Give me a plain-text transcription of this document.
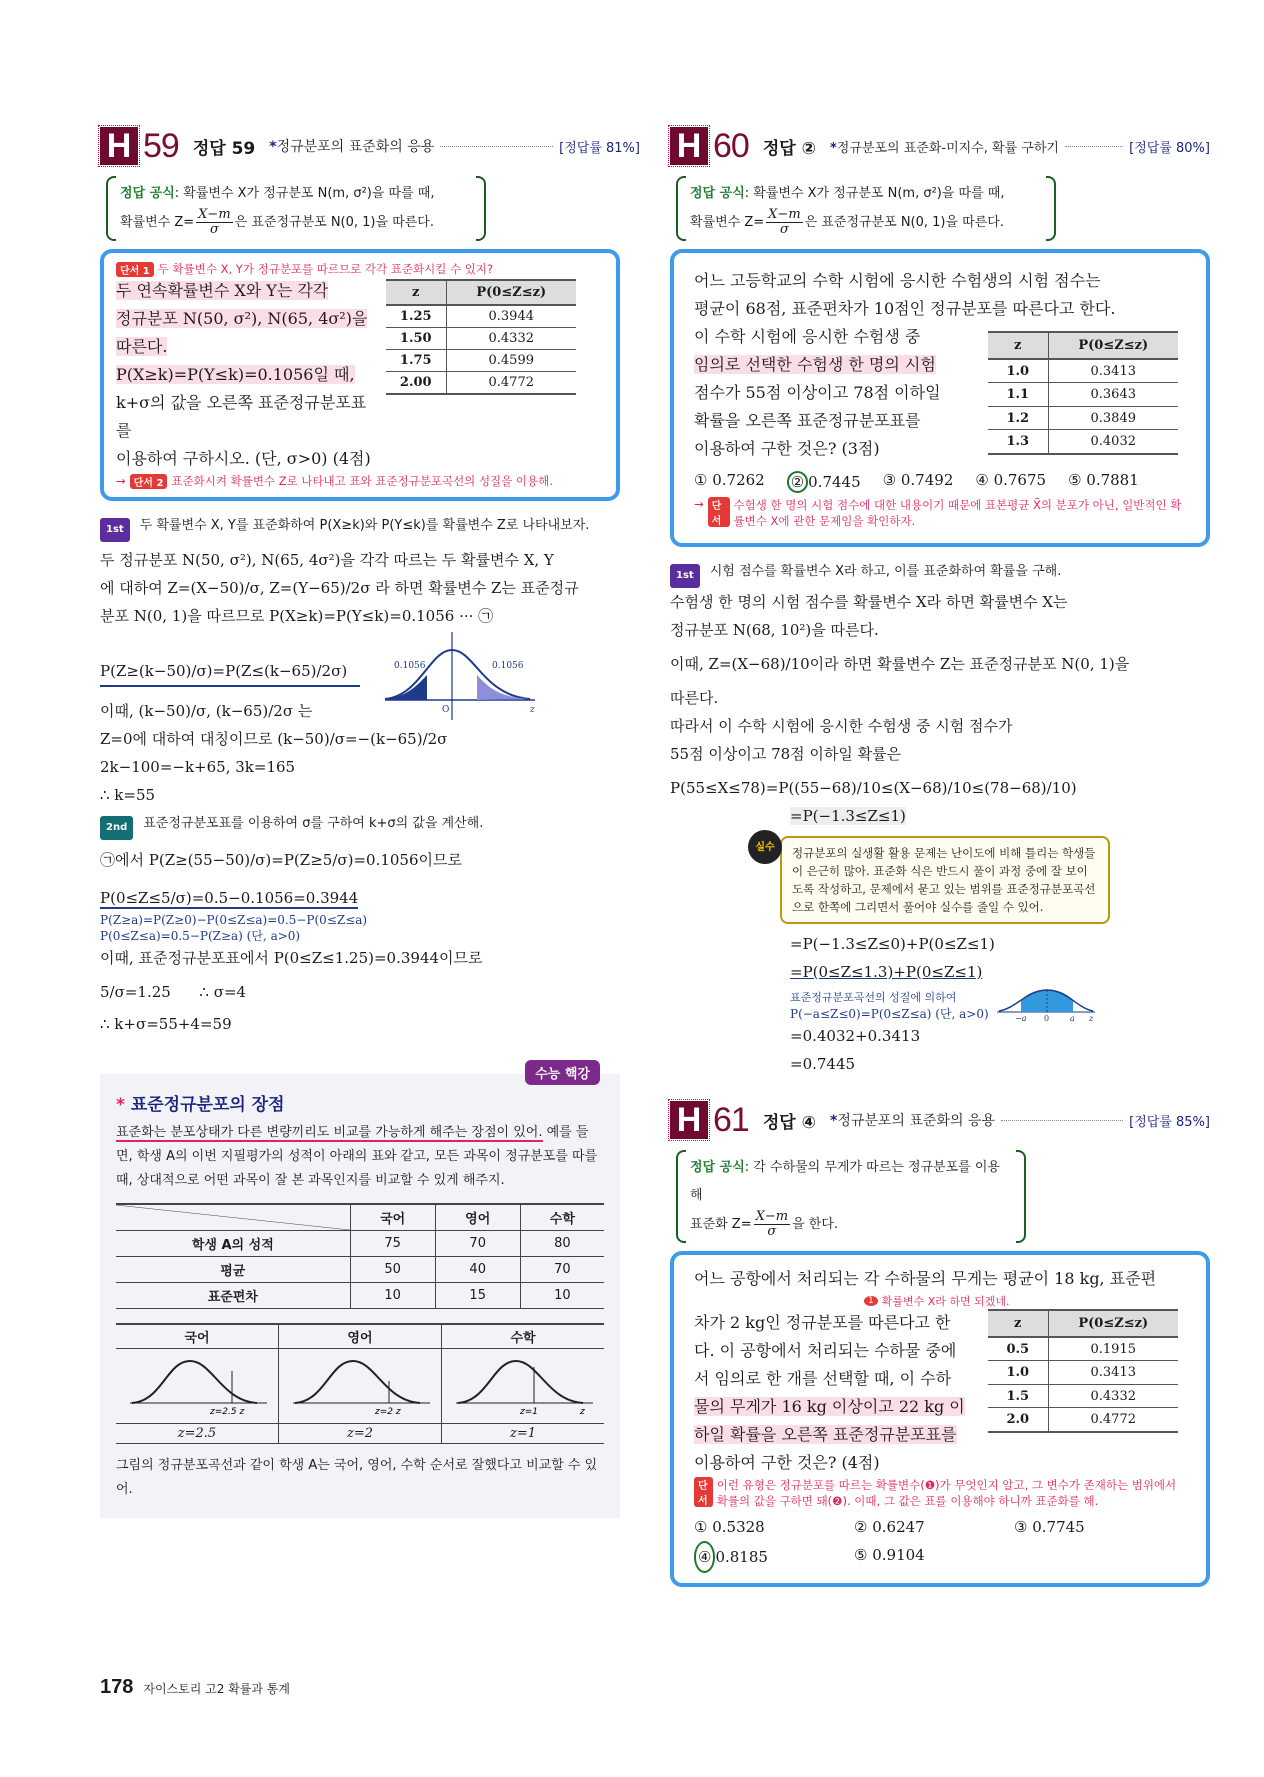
H 59 정답 59 *정규분포의 표준화의 응용	[정답률 81%]
정답 공식: 확률변수 X가 정규분포 N(m, σ²)을 따를 때,
확률변수 $Z= \frac{X-m}{\sigma}$ 은 표준정규분포 N(0, 1)을 따른다.
단서 1 두 확률변수 X, Y가 정규분포를 따르므로 각각 표준화시킬 수 있지?
두 연속확률변수 X와 Y는 각각
정규분포 N(50, σ²), N(65, 4σ²)을
따른다.
P(X≥k)=P(Y≤k)=0.1056일 때,
k+σ의 값을 오른쪽 표준정규분포표를
이용하여 구하시오. (단, σ>0) (4점)
z	P(0≤Z≤z)
1.25	0.3944
1.50	0.4332
1.75	0.4599
2.00	0.4772
→ 단서 2 표준화시켜 확률변수 Z로 나타내고 표와 표준정규분포곡선의 성질을 이용해.
1st	두 확률변수 X, Y를 표준화하여 P(X≥k)와 P(Y≤k)를 확률변수 Z로 나타내보자.
두 정규분포 N(50, σ²), N(65, 4σ²)을 각각 따르는 두 확률변수 X, Y
에 대하여 Z=(X−50)/σ, Z=(Y−65)/2σ 라 하면 확률변수 Z는 표준정규
분포 N(0, 1)을 따르므로 P(X≥k)=P(Y≤k)=0.1056 ··· ㉠
P(Z≥(k−50)/σ)=P(Z≤(k−65)/2σ)
이때, (k−50)/σ, (k−65)/2σ 는
0.1056	0.1056
O	z
Z=0에 대하여 대칭이므로 (k−50)/σ=−(k−65)/2σ
2k−100=−k+65, 3k=165
∴ k=55
2nd	표준정규분포표를 이용하여 σ를 구하여 k+σ의 값을 계산해.
㉠에서 P(Z≥(55−50)/σ)=P(Z≥5/σ)=0.1056이므로
P(0≤Z≤5/σ)=0.5−0.1056=0.3944
P(Z≥a)=P(Z≥0)−P(0≤Z≤a)=0.5−P(0≤Z≤a)
P(0≤Z≤a)=0.5−P(Z≥a) (단, a>0)
이때, 표준정규분포표에서 P(0≤Z≤1.25)=0.3944이므로
5/σ=1.25      ∴ σ=4
∴ k+σ=55+4=59
수능 핵강
* 표준정규분포의 장점
표준화는 분포상태가 다른 변량끼리도 비교를 가능하게 해주는 장점이 있어. 예를 들면, 학생 A의 이번 지필평가의 성적이 아래의 표와 같고, 모든 과목이 정규분포를 따를 때, 상대적으로 어떤 과목이 잘 본 과목인지를 비교할 수 있게 해주지.
	국어	영어	수학
학생 A의 성적	75	70	80
평균	50	40	70
표준편차	10	15	10
국어	영어	수학

z=2.5 z	z=2 z	z=1 z

z=2.5	z=2	z=1
그림의 정규분포곡선과 같이 학생 A는 국어, 영어, 수학 순서로 잘했다고 비교할 수 있어.
H 60 정답 ② *정규분포의 표준화-미지수, 확률 구하기	[정답률 80%]
정답 공식: 확률변수 X가 정규분포 N(m, σ²)을 따를 때,
확률변수 $Z= \frac{X-m}{\sigma}$ 은 표준정규분포 N(0, 1)을 따른다.
어느 고등학교의 수학 시험에 응시한 수험생의 시험 점수는
평균이 68점, 표준편차가 10점인 정규분포를 따른다고 한다.
이 수학 시험에 응시한 수험생 중
임의로 선택한 수험생 한 명의 시험
점수가 55점 이상이고 78점 이하일
확률을 오른쪽 표준정규분포표를
이용하여 구한 것은? (3점)
z	P(0≤Z≤z)
1.0	0.3413
1.1	0.3643
1.2	0.3849
1.3	0.4032
① 0.7262 ② 0.7445 ③ 0.7492 ④ 0.7675 ⑤ 0.7881
→ 단서
수험생 한 명의 시험 점수에 대한 내용이기 때문에 표본평균 X̄의 분포가 아닌, 일반적인 확률변수 X에 관한 문제임을 확인하자.
1st	시험 점수를 확률변수 X라 하고, 이를 표준화하여 확률을 구해.
수험생 한 명의 시험 점수를 확률변수 X라 하면 확률변수 X는
정규분포 N(68, 10²)을 따른다.
이때, Z=(X−68)/10이라 하면 확률변수 Z는 표준정규분포 N(0, 1)을
따른다.
따라서 이 수학 시험에 응시한 수험생 중 시험 점수가
55점 이상이고 78점 이하일 확률은
P(55≤X≤78)=P((55−68)/10≤(X−68)/10≤(78−68)/10)
=P(−1.3≤Z≤1)
실수	정규분포의 실생활 활용 문제는 난이도에 비해 틀리는 학생들이 은근히 많아. 표준화 식은 반드시 풀이 과정 중에 잘 보이도록 작성하고, 문제에서 묻고 있는 범위를 표준정규분포곡선으로 한쪽에 그리면서 풀어야 실수를 줄일 수 있어.
=P(−1.3≤Z≤0)+P(0≤Z≤1)
=P(0≤Z≤1.3)+P(0≤Z≤1)
표준정규분포곡선의 성질에 의하여
P(−a≤Z≤0)=P(0≤Z≤a) (단, a>0)	−a 0	a z
=0.4032+0.3413
=0.7445
H 61 정답 ④ *정규분포의 표준화의 응용	[정답률 85%]
정답 공식: 각 수하물의 무게가 따르는 정규분포를 이용해
표준화 $Z= \frac{X-m}{\sigma}$ 을 한다.
어느 공항에서 처리되는 각 수하물의 무게는 평균이 18 kg, 표준편
1 확률변수 X라 하면 되겠네.
차가 2 kg인 정규분포를 따른다고 한
다. 이 공항에서 처리되는 수하물 중에
서 임의로 한 개를 선택할 때, 이 수하
물의 무게가 16 kg 이상이고 22 kg 이
하일 확률을 오른쪽 표준정규분포표를
z	P(0≤Z≤z)
0.5	0.1915
1.0	0.3413
1.5	0.4332
2.0	0.4772
이용하여 구한 것은? (4점)
단서
이런 유형은 정규분포를 따르는 확률변수(❶)가 무엇인지 알고, 그 변수가 존재하는 범위에서 확률의 값을 구하면 돼(❷). 이때, 그 값은 표를 이용해야 하니까 표준화를 해.
① 0.5328	② 0.6247	③ 0.7745
④ 0.8185	⑤ 0.9104
178 자이스토리 고2 확률과 통계
